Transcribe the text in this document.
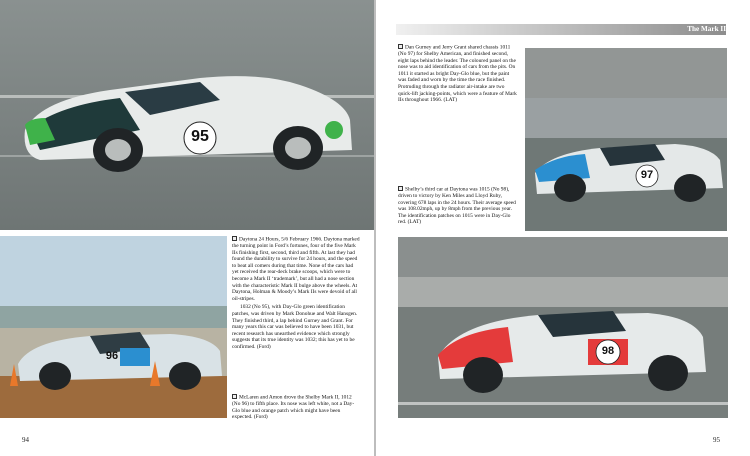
95
96

Daytona 24 Hours, 5/6 February 1966. Daytona marked the turning point in Ford’s fortunes, four of the five Mark IIs finishing first, second, third and fifth. At last they had found the durability to survive for 24 hours, and the speed to beat all comers during that time. None of the cars had yet received the rear-deck brake scoops, which were to become a Mark II ‘trademark’, but all had a nose section with the characteristic Mark II bulge above the wheels. At Daytona, Holman & Moody’s Mark IIs were devoid of all oil-stripes.

1032 (No 95), with Day-Glo green identification patches, was driven by Mark Donohue and Walt Hansgen. They finished third, a lap behind Gurney and Grant. For many years this car was believed to have been 1031, but recent research has unearthed evidence which strongly suggests that its true identity was 1032; this has yet to be confirmed. (Ford)

McLaren and Amon drove the Shelby Mark II, 1012 (No 96) to fifth place. Its nose was left white, not a Day-Glo blue and orange patch which might have been expected. (Ford)

94
The Mark II
97

Dan Gurney and Jerry Grant shared chassis 1011 (No 97) for Shelby American, and finished second, eight laps behind the leader. The coloured panel on the nose was to aid identification of cars from the pits. On 1011 it started as bright Day-Glo blue, but the paint was faded and worn by the time the race finished. Protruding through the radiator air-intake are two quick-lift jacking-points, which were a feature of Mark IIs throughout 1966. (LAT)

Shelby’s third car at Daytona was 1015 (No 98), driven to victory by Ken Miles and Lloyd Ruby, covering 678 laps in the 24 hours. Their average speed was 108.02mph, up by 8mph from the previous year. The identification patches on 1015 were in Day-Glo red. (LAT)

98
95
